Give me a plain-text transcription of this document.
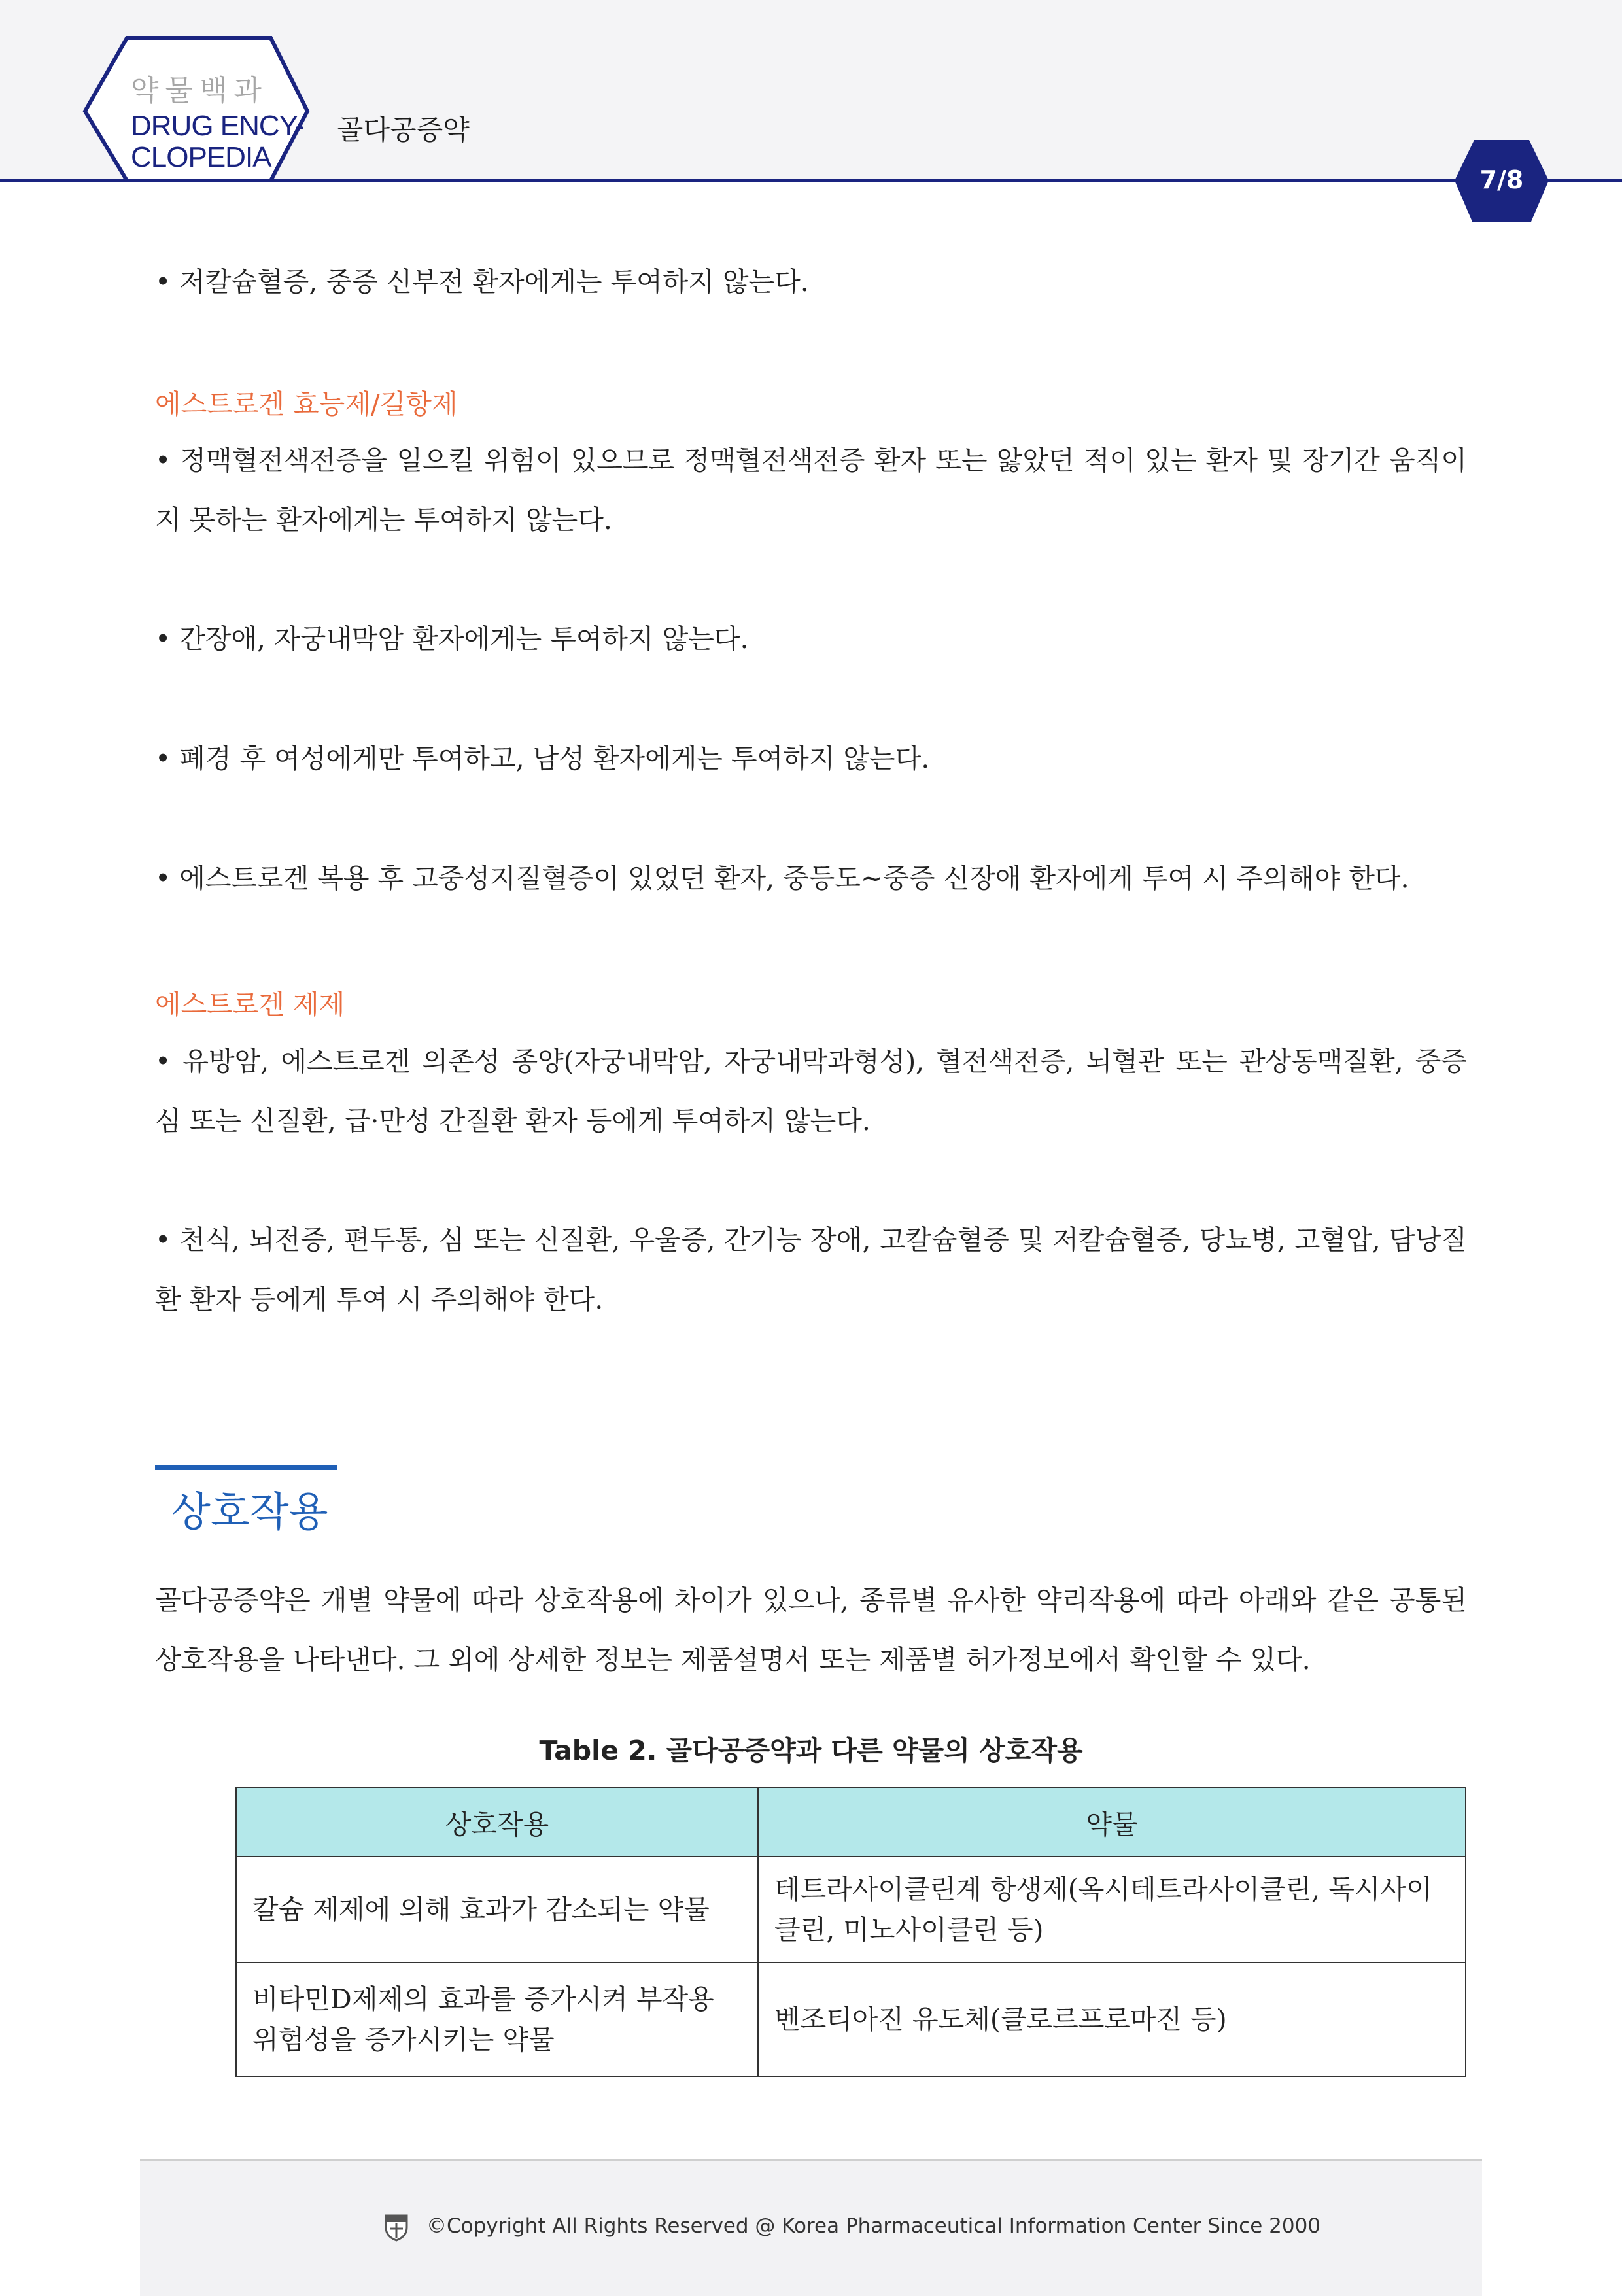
약물백과
DRUG ENCY-
CLOPEDIA
골다공증약
7/8
• 저칼슘혈증, 중증 신부전 환자에게는 투여하지 않는다.
에스트로겐 효능제/길항제
• 정맥혈전색전증을 일으킬 위험이 있으므로 정맥혈전색전증 환자 또는 앓았던 적이 있는 환자 및 장기간 움직이지 못하는 환자에게는 투여하지 않는다.
• 간장애, 자궁내막암 환자에게는 투여하지 않는다.
• 폐경 후 여성에게만 투여하고, 남성 환자에게는 투여하지 않는다.
• 에스트로겐 복용 후 고중성지질혈증이 있었던 환자, 중등도~중증 신장애 환자에게 투여 시 주의해야 한다.
에스트로겐 제제
• 유방암, 에스트로겐 의존성 종양(자궁내막암, 자궁내막과형성), 혈전색전증, 뇌혈관 또는 관상동맥질환, 중증 심 또는 신질환, 급·만성 간질환 환자 등에게 투여하지 않는다.
• 천식, 뇌전증, 편두통, 심 또는 신질환, 우울증, 간기능 장애, 고칼슘혈증 및 저칼슘혈증, 당뇨병, 고혈압, 담낭질환 환자 등에게 투여 시 주의해야 한다.
상호작용
골다공증약은 개별 약물에 따라 상호작용에 차이가 있으나, 종류별 유사한 약리작용에 따라 아래와 같은 공통된 상호작용을 나타낸다. 그 외에 상세한 정보는 제품설명서 또는 제품별 허가정보에서 확인할 수 있다.
Table 2. 골다공증약과 다른 약물의 상호작용
상호작용	약물
칼슘 제제에 의해 효과가 감소되는 약물	테트라사이클린계 항생제(옥시테트라사이클린, 독시사이클린, 미노사이클린 등)
비타민D제제의 효과를 증가시켜 부작용 위험성을 증가시키는 약물	벤조티아진 유도체(클로르프로마진 등)
©Copyright All Rights Reserved @ Korea Pharmaceutical Information Center Since 2000
